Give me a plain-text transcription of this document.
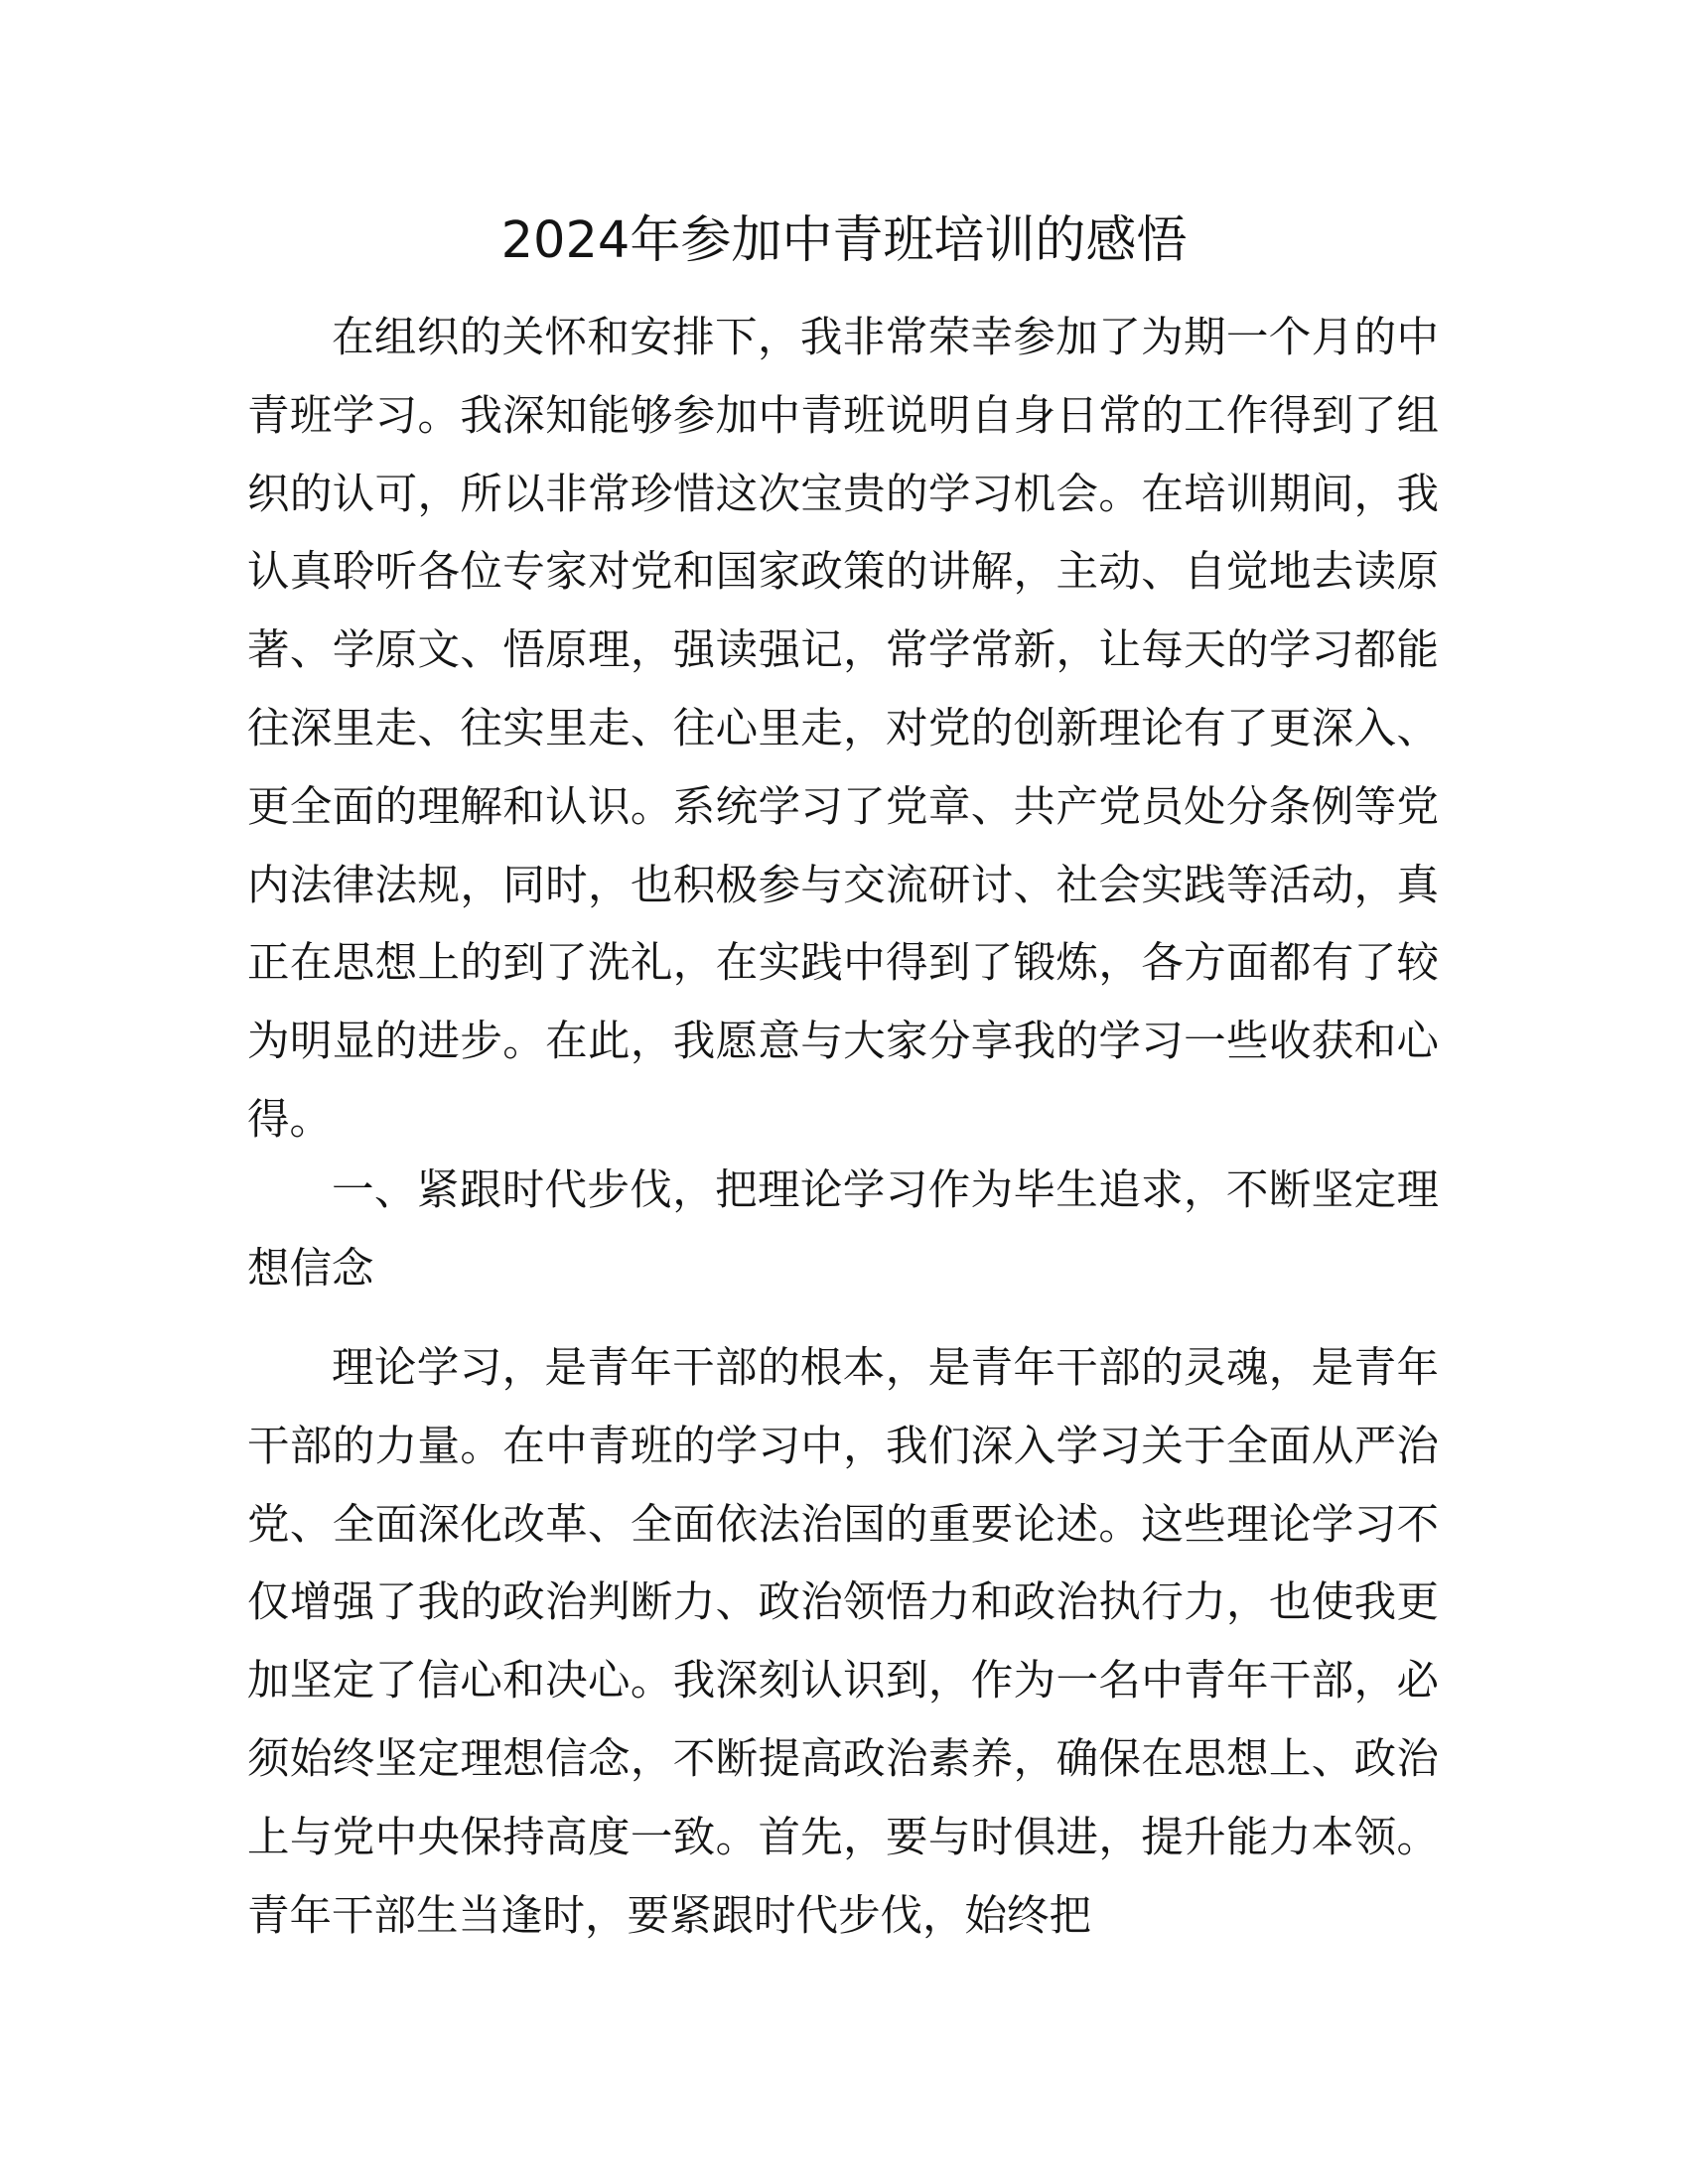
2024年参加中青班培训的感悟

在组织的关怀和安排下，我非常荣幸参加了为期一个月的中青班学习。我深知能够参加中青班说明自身日常的工作得到了组织的认可，所以非常珍惜这次宝贵的学习机会。在培训期间，我认真聆听各位专家对党和国家政策的讲解，主动、自觉地去读原著、学原文、悟原理，强读强记，常学常新，让每天的学习都能往深里走、往实里走、往心里走，对党的创新理论有了更深入、更全面的理解和认识。系统学习了党章、共产党员处分条例等党内法律法规，同时，也积极参与交流研讨、社会实践等活动，真正在思想上的到了洗礼，在实践中得到了锻炼，各方面都有了较为明显的进步。在此，我愿意与大家分享我的学习一些收获和心得。

一、紧跟时代步伐，把理论学习作为毕生追求，不断坚定理想信念

理论学习，是青年干部的根本，是青年干部的灵魂，是青年干部的力量。在中青班的学习中，我们深入学习关于全面从严治党、全面深化改革、全面依法治国的重要论述。这些理论学习不仅增强了我的政治判断力、政治领悟力和政治执行力，也使我更加坚定了信心和决心。我深刻认识到，作为一名中青年干部，必须始终坚定理想信念，不断提高政治素养，确保在思想上、政治上与党中央保持高度一致。首先，要与时俱进，提升能力本领。青年干部生当逢时，要紧跟时代步伐，始终把
